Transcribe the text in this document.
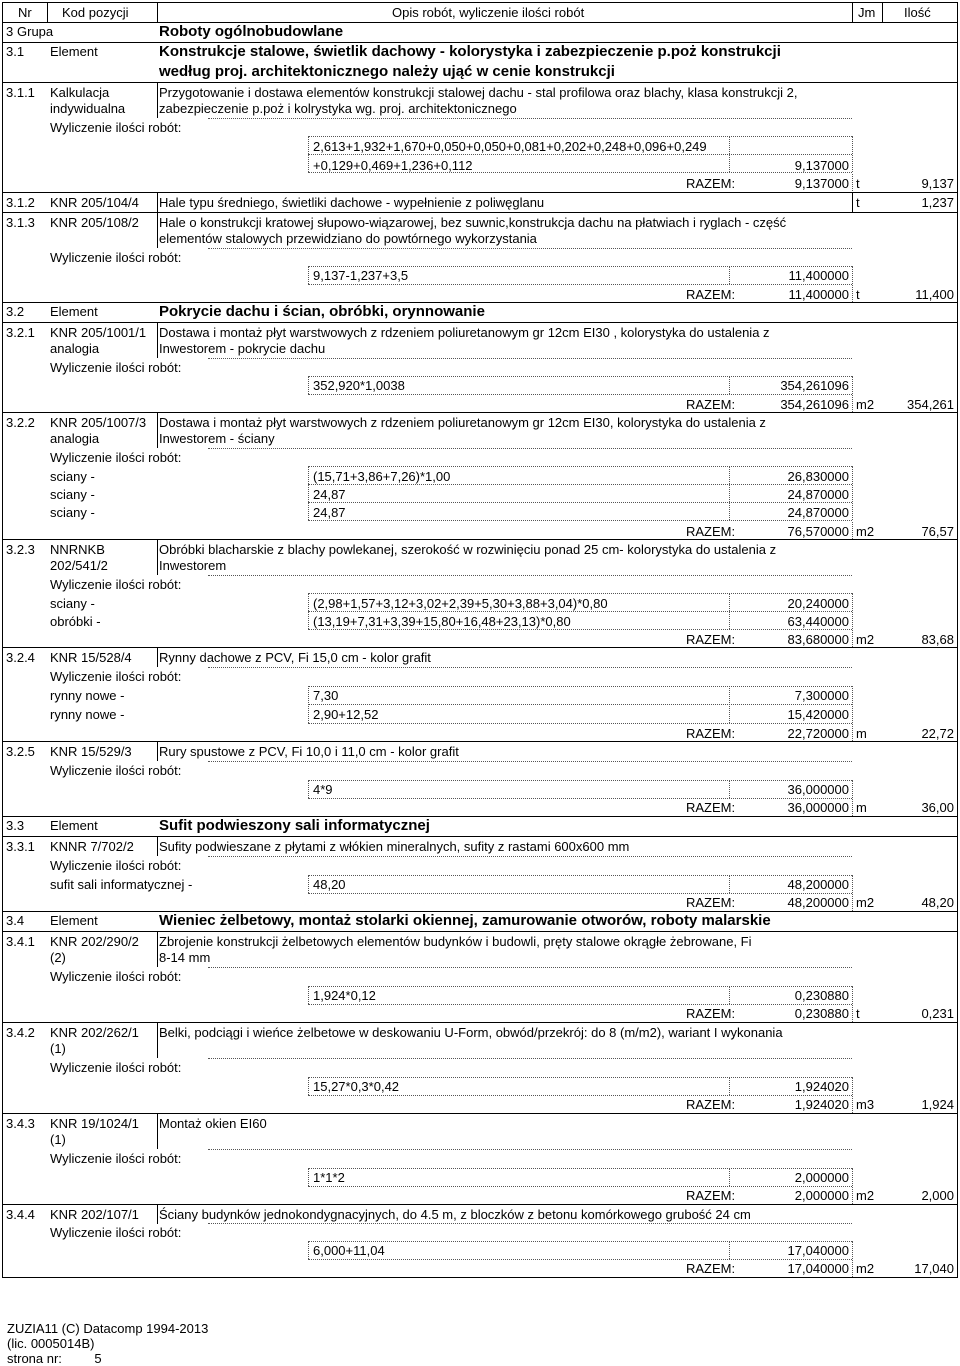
Nr Kod pozycji	Opis robót, wyliczenie ilości robót	Jm Ilość
3 Grupa	Roboty ogólnobudowlane
3.1 Element	Konstrukcje stalowe, świetlik dachowy - kolorystyka i zabezpieczenie p.poż konstrukcji
według proj. architektonicznego należy ująć w cenie konstrukcji
3.1.1 Kalkulacja
indywidualna
Przygotowanie i dostawa elementów konstrukcji stalowej dachu - stal profilowa oraz blachy, klasa konstrukcji 2,
zabezpieczenie p.poż i kolrystyka wg. proj. architektonicznego
Wyliczenie ilości robót:
2,613+1,932+1,670+0,050+0,050+0,081+0,202+0,248+0,096+0,249
+0,129+0,469+1,236+0,112	9,137000
RAZEM:	9,137000 t	9,137
3.1.2 KNR 205/104/4 Hale typu średniego, świetliki dachowe - wypełnienie z poliwęglanu	t	1,237
3.1.3 KNR 205/108/2 Hale o konstrukcji kratowej słupowo-wiązarowej, bez suwnic,konstrukcja dachu na płatwiach i ryglach - część
elementów stalowych przewidziano do powtórnego wykorzystania
Wyliczenie ilości robót:
9,137-1,237+3,5	11,400000
RAZEM:	11,400000 t	11,400
3.2 Element	Pokrycie dachu i ścian, obróbki, orynnowanie
3.2.1 KNR 205/1001/1
analogia
Dostawa i montaż płyt warstwowych z rdzeniem poliuretanowym gr 12cm EI30 , kolorystyka do ustalenia z
Inwestorem - pokrycie dachu
Wyliczenie ilości robót:
352,920*1,0038	354,261096
RAZEM:	354,261096 m2	354,261
3.2.2 KNR 205/1007/3
analogia
Dostawa i montaż płyt warstwowych z rdzeniem poliuretanowym gr 12cm EI30, kolorystyka do ustalenia z
Inwestorem - ściany
Wyliczenie ilości robót:
sciany -	(15,71+3,86+7,26)*1,00	26,830000
sciany -	24,87	24,870000
sciany -	24,87	24,870000
RAZEM:	76,570000 m2	76,57
3.2.3 NNRNKB
202/541/2
Obróbki blacharskie z blachy powlekanej, szerokość w rozwinięciu ponad 25 cm- kolorystyka do ustalenia z
Inwestorem
Wyliczenie ilości robót:
sciany -	(2,98+1,57+3,12+3,02+2,39+5,30+3,88+3,04)*0,80	20,240000
obróbki -	(13,19+7,31+3,39+15,80+16,48+23,13)*0,80	63,440000
RAZEM:	83,680000 m2	83,68
3.2.4 KNR 15/528/4 Rynny dachowe z PCV, Fi 15,0 cm - kolor grafit
Wyliczenie ilości robót:
rynny nowe -	7,30	7,300000
rynny nowe -	2,90+12,52	15,420000
RAZEM:	22,720000 m	22,72
3.2.5 KNR 15/529/3 Rury spustowe z PCV, Fi 10,0 i 11,0 cm - kolor grafit
Wyliczenie ilości robót:
4*9	36,000000
RAZEM:	36,000000 m	36,00
3.3 Element	Sufit podwieszony sali informatycznej
3.3.1 KNNR 7/702/2 Sufity podwieszane z płytami z włókien mineralnych, sufity z rastami 600x600 mm
Wyliczenie ilości robót:
sufit sali informatycznej -	48,20	48,200000
RAZEM:	48,200000 m2	48,20
3.4 Element	Wieniec żelbetowy, montaż stolarki okiennej, zamurowanie otworów, roboty malarskie
3.4.1 KNR 202/290/2
(2)
Zbrojenie konstrukcji żelbetowych elementów budynków i budowli, pręty stalowe okrągłe żebrowane, Fi
8-14 mm
Wyliczenie ilości robót:
1,924*0,12	0,230880
RAZEM:	0,230880 t	0,231
3.4.2 KNR 202/262/1
(1)
Belki, podciągi i wieńce żelbetowe w deskowaniu U-Form, obwód/przekrój: do 8 (m/m2), wariant I wykonania
Wyliczenie ilości robót:
15,27*0,3*0,42	1,924020
RAZEM:	1,924020 m3	1,924
3.4.3 KNR 19/1024/1
(1)
Montaż okien EI60
Wyliczenie ilości robót:
1*1*2	2,000000
RAZEM:	2,000000 m2	2,000
3.4.4 KNR 202/107/1 Ściany budynków jednokondygnacyjnych, do 4.5 m, z bloczków z betonu komórkowego grubość 24 cm
Wyliczenie ilości robót:
6,000+11,04	17,040000
RAZEM:	17,040000 m2	17,040
ZUZIA11 (C) Datacomp 1994-2013
(lic. 0005014B)
strona nr: 5
